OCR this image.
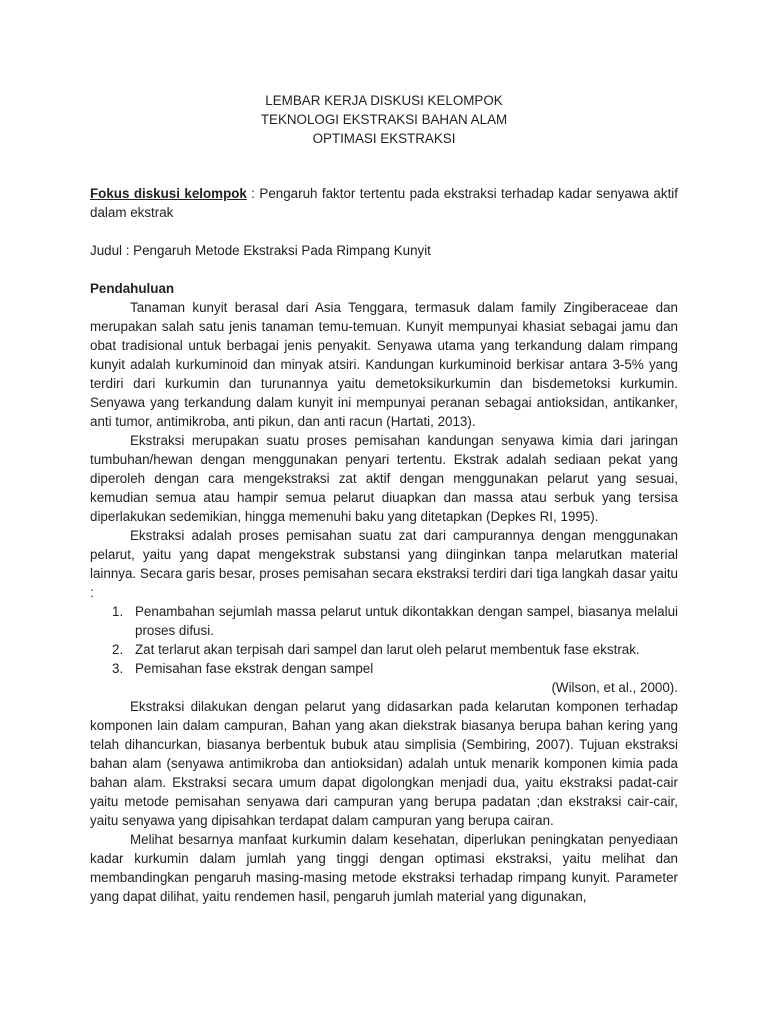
LEMBAR KERJA DISKUSI KELOMPOK
TEKNOLOGI EKSTRAKSI BAHAN ALAM
OPTIMASI EKSTRAKSI

Fokus diskusi kelompok : Pengaruh faktor tertentu pada ekstraksi terhadap kadar senyawa aktif dalam ekstrak

Judul : Pengaruh Metode Ekstraksi Pada Rimpang Kunyit

Pendahuluan

Tanaman kunyit berasal dari Asia Tenggara, termasuk dalam family Zingiberaceae dan merupakan salah satu jenis tanaman temu-temuan. Kunyit mempunyai khasiat sebagai jamu dan obat tradisional untuk berbagai jenis penyakit. Senyawa utama yang terkandung dalam rimpang kunyit adalah kurkuminoid dan minyak atsiri. Kandungan kurkuminoid berkisar antara 3-5% yang terdiri dari kurkumin dan turunannya yaitu demetoksikurkumin dan bisdemetoksi kurkumin. Senyawa yang terkandung dalam kunyit ini mempunyai peranan sebagai antioksidan, antikanker, anti tumor, antimikroba, anti pikun, dan anti racun (Hartati, 2013).

Ekstraksi merupakan suatu proses pemisahan kandungan senyawa kimia dari jaringan tumbuhan/hewan dengan menggunakan penyari tertentu. Ekstrak adalah sediaan pekat yang diperoleh dengan cara mengekstraksi zat aktif dengan menggunakan pelarut yang sesuai, kemudian semua atau hampir semua pelarut diuapkan dan massa atau serbuk yang tersisa diperlakukan sedemikian, hingga memenuhi baku yang ditetapkan (Depkes RI, 1995).

Ekstraksi adalah proses pemisahan suatu zat dari campurannya dengan menggunakan pelarut, yaitu yang dapat mengekstrak substansi yang diinginkan tanpa melarutkan material lainnya. Secara garis besar, proses pemisahan secara ekstraksi terdiri dari tiga langkah dasar yaitu :

1. Penambahan sejumlah massa pelarut untuk dikontakkan dengan sampel, biasanya melalui proses difusi.
2. Zat terlarut akan terpisah dari sampel dan larut oleh pelarut membentuk fase ekstrak.
3. Pemisahan fase ekstrak dengan sampel

(Wilson, et al., 2000).

Ekstraksi dilakukan dengan pelarut yang didasarkan pada kelarutan komponen terhadap komponen lain dalam campuran, Bahan yang akan diekstrak biasanya berupa bahan kering yang telah dihancurkan, biasanya berbentuk bubuk atau simplisia (Sembiring, 2007). Tujuan ekstraksi bahan alam (senyawa antimikroba dan antioksidan) adalah untuk menarik komponen kimia pada bahan alam. Ekstraksi secara umum dapat digolongkan menjadi dua, yaitu ekstraksi padat-cair yaitu metode pemisahan senyawa dari campuran yang berupa padatan ;dan ekstraksi cair-cair, yaitu senyawa yang dipisahkan terdapat dalam campuran yang berupa cairan.

Melihat besarnya manfaat kurkumin dalam kesehatan, diperlukan peningkatan penyediaan kadar kurkumin dalam jumlah yang tinggi dengan optimasi ekstraksi, yaitu melihat dan membandingkan pengaruh masing-masing metode ekstraksi terhadap rimpang kunyit. Parameter yang dapat dilihat, yaitu rendemen hasil, pengaruh jumlah material yang digunakan,
